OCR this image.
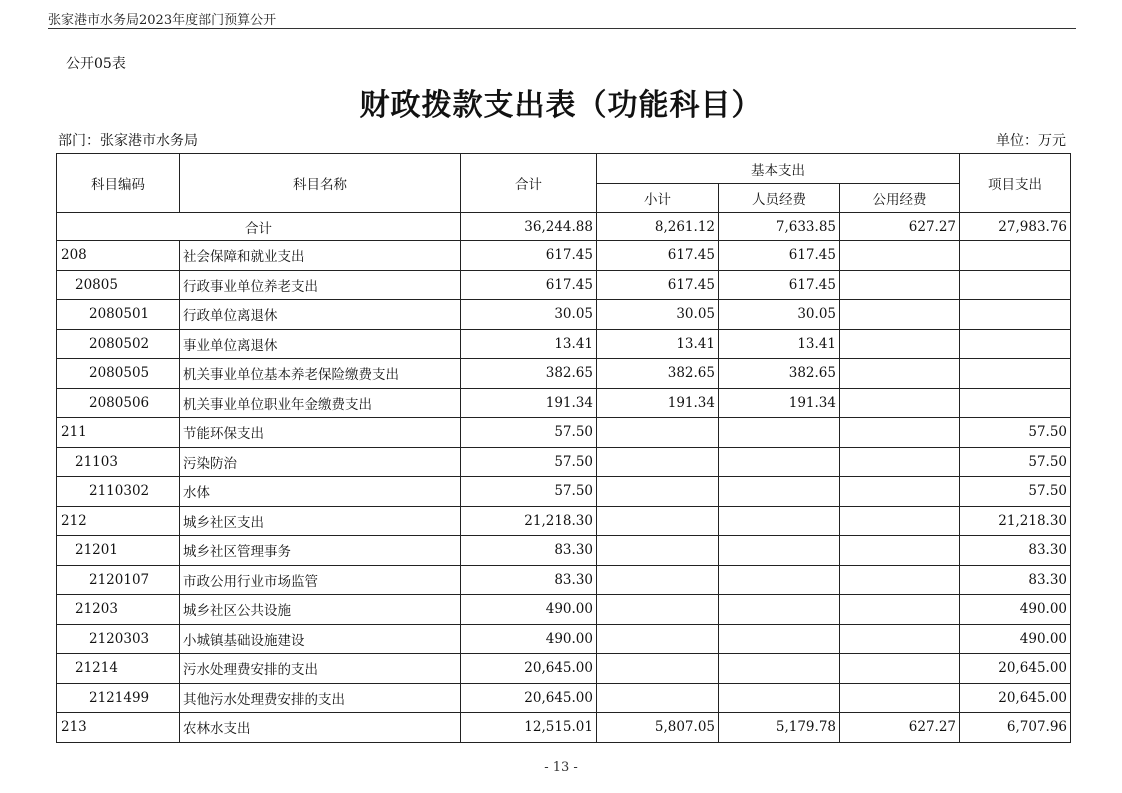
张家港市水务局2023年度部门预算公开
公开05表
财政拨款支出表（功能科目）
部门：张家港市水务局	单位：万元
科目编码	科目名称	合计	基本支出			项目支出
			小计	人员经费	公用经费	
合计		36,244.88	8,261.12	7,633.85	627.27	27,983.76
208	社会保障和就业支出	617.45	617.45	617.45		
20805	行政事业单位养老支出	617.45	617.45	617.45		
2080501	行政单位离退休	30.05	30.05	30.05		
2080502	事业单位离退休	13.41	13.41	13.41		
2080505	机关事业单位基本养老保险缴费支出	382.65	382.65	382.65		
2080506	机关事业单位职业年金缴费支出	191.34	191.34	191.34		
211	节能环保支出	57.50				57.50
21103	污染防治	57.50				57.50
2110302	水体	57.50				57.50
212	城乡社区支出	21,218.30				21,218.30
21201	城乡社区管理事务	83.30				83.30
2120107	市政公用行业市场监管	83.30				83.30
21203	城乡社区公共设施	490.00				490.00
2120303	小城镇基础设施建设	490.00				490.00
21214	污水处理费安排的支出	20,645.00				20,645.00
2121499	其他污水处理费安排的支出	20,645.00				20,645.00
213	农林水支出	12,515.01	5,807.05	5,179.78	627.27	6,707.96
- 13 -
